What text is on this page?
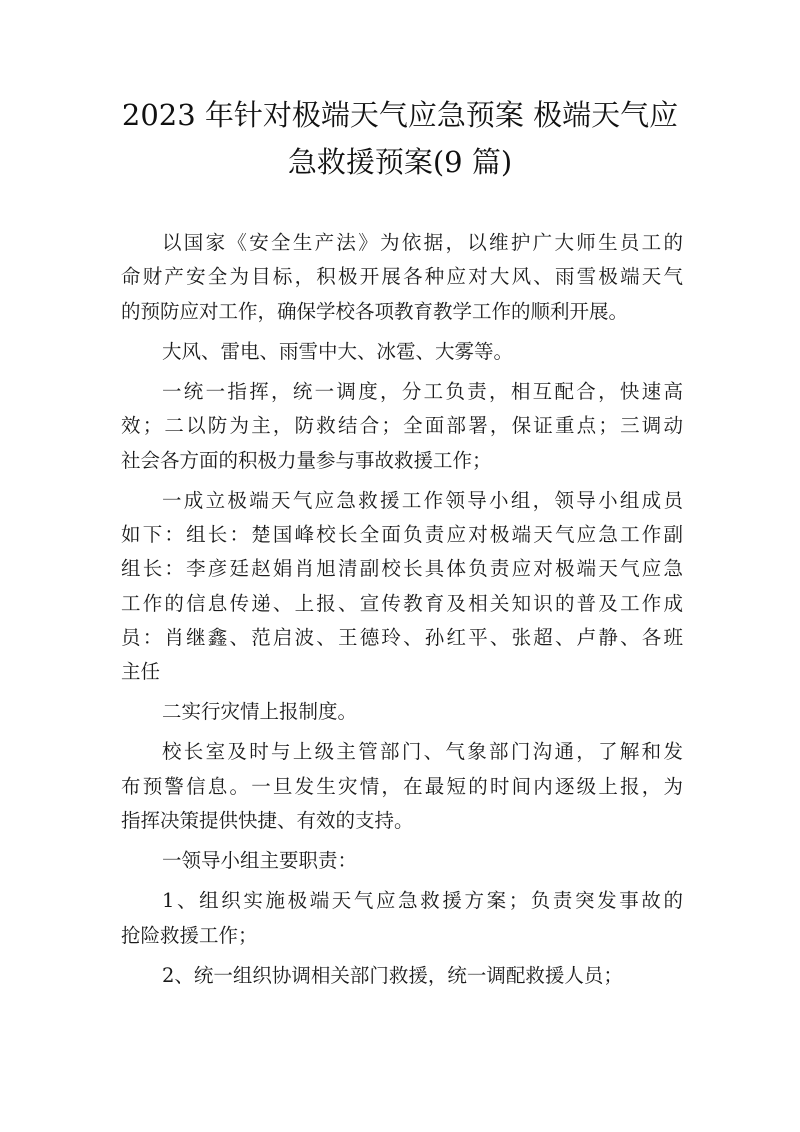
2023 年针对极端天气应急预案 极端天气应
急救援预案(9 篇)
以国家《安全生产法》为依据，以维护广大师生员工的
命财产安全为目标，积极开展各种应对大风、雨雪极端天气
的预防应对工作，确保学校各项教育教学工作的顺利开展。
大风、雷电、雨雪中大、冰雹、大雾等。
一统一指挥，统一调度，分工负责，相互配合，快速高
效；二以防为主，防救结合；全面部署，保证重点；三调动
社会各方面的积极力量参与事故救援工作；
一成立极端天气应急救援工作领导小组，领导小组成员
如下：组长：楚国峰校长全面负责应对极端天气应急工作副
组长：李彦廷赵娟肖旭清副校长具体负责应对极端天气应急
工作的信息传递、上报、宣传教育及相关知识的普及工作成
员：肖继鑫、范启波、王德玲、孙红平、张超、卢静、各班
主任
二实行灾情上报制度。
校长室及时与上级主管部门、气象部门沟通，了解和发
布预警信息。一旦发生灾情，在最短的时间内逐级上报，为
指挥决策提供快捷、有效的支持。
一领导小组主要职责：
1、组织实施极端天气应急救援方案；负责突发事故的
抢险救援工作；
2、统一组织协调相关部门救援，统一调配救援人员；
